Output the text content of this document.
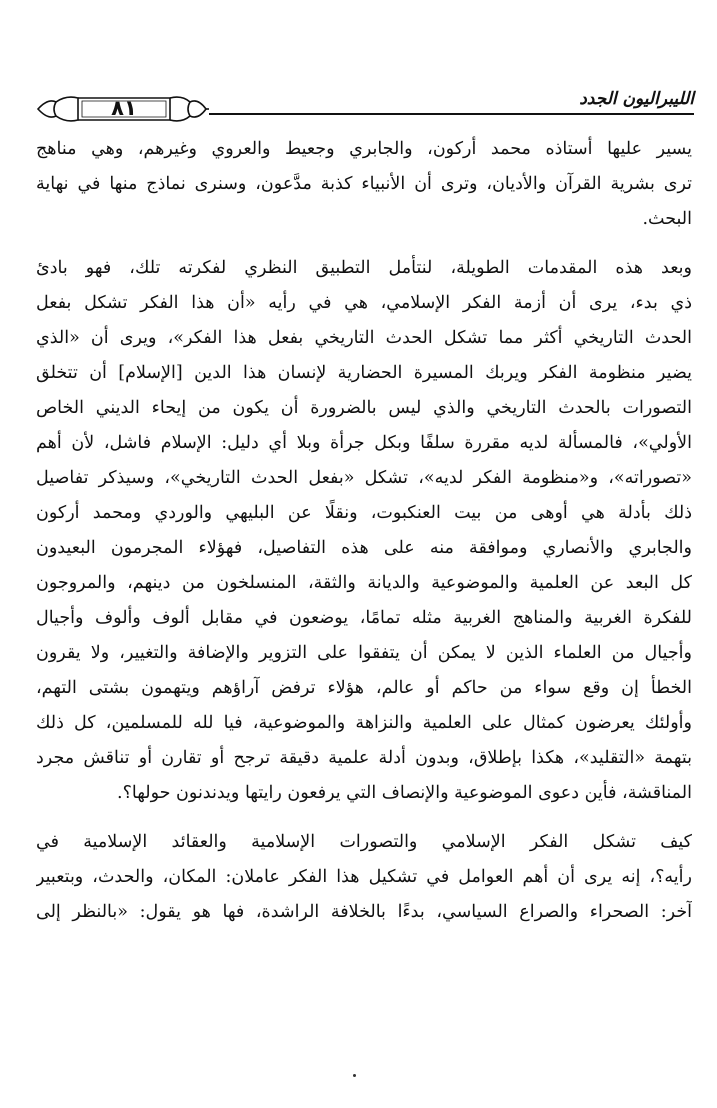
الليبراليون الجدد
٨١
يسير عليها أستاذه محمد أركون، والجابري وجعيط والعروي وغيرهم، وهي مناهج
ترى بشرية القرآن والأديان، وترى أن الأنبياء كذبة مدَّعون، وسنرى نماذج منها في نهاية
البحث.
وبعد هذه المقدمات الطويلة، لنتأمل التطبيق النظري لفكرته تلك، فهو بادئ
ذي بدء، يرى أن أزمة الفكر الإسلامي، هي في رأيه «أن هذا الفكر تشكل بفعل
الحدث التاريخي أكثر مما تشكل الحدث التاريخي بفعل هذا الفكر»، ويرى أن «الذي
يضير منظومة الفكر ويربك المسيرة الحضارية لإنسان هذا الدين [الإسلام] أن تتخلق
التصورات بالحدث التاريخي والذي ليس بالضرورة أن يكون من إيحاء الديني الخاص
الأولي»، فالمسألة لديه مقررة سلفًا وبكل جرأة وبلا أي دليل: الإسلام فاشل، لأن أهم
«تصوراته»، و«منظومة الفكر لديه»، تشكل «بفعل الحدث التاريخي»، وسيذكر تفاصيل
ذلك بأدلة هي أوهى من بيت العنكبوت، ونقلًا عن البليهي والوردي ومحمد أركون
والجابري والأنصاري وموافقة منه على هذه التفاصيل، فهؤلاء المجرمون البعيدون
كل البعد عن العلمية والموضوعية والديانة والثقة، المنسلخون من دينهم، والمروجون
للفكرة الغربية والمناهج الغربية مثله تمامًا، يوضعون في مقابل ألوف وألوف وأجيال
وأجيال من العلماء الذين لا يمكن أن يتفقوا على التزوير والإضافة والتغيير، ولا يقرون
الخطأ إن وقع سواء من حاكم أو عالم، هؤلاء ترفض آراؤهم ويتهمون بشتى التهم،
وأولئك يعرضون كمثال على العلمية والنزاهة والموضوعية، فيا لله للمسلمين، كل ذلك
بتهمة «التقليد»، هكذا بإطلاق، وبدون أدلة علمية دقيقة ترجح أو تقارن أو تناقش مجرد
المناقشة، فأين دعوى الموضوعية والإنصاف التي يرفعون رايتها ويدندنون حولها؟.
كيف تشكل الفكر الإسلامي والتصورات الإسلامية والعقائد الإسلامية في
رأيه؟، إنه يرى أن أهم العوامل في تشكيل هذا الفكر عاملان: المكان، والحدث، وبتعبير
آخر: الصحراء والصراع السياسي، بدءًا بالخلافة الراشدة، فها هو يقول: «بالنظر إلى
